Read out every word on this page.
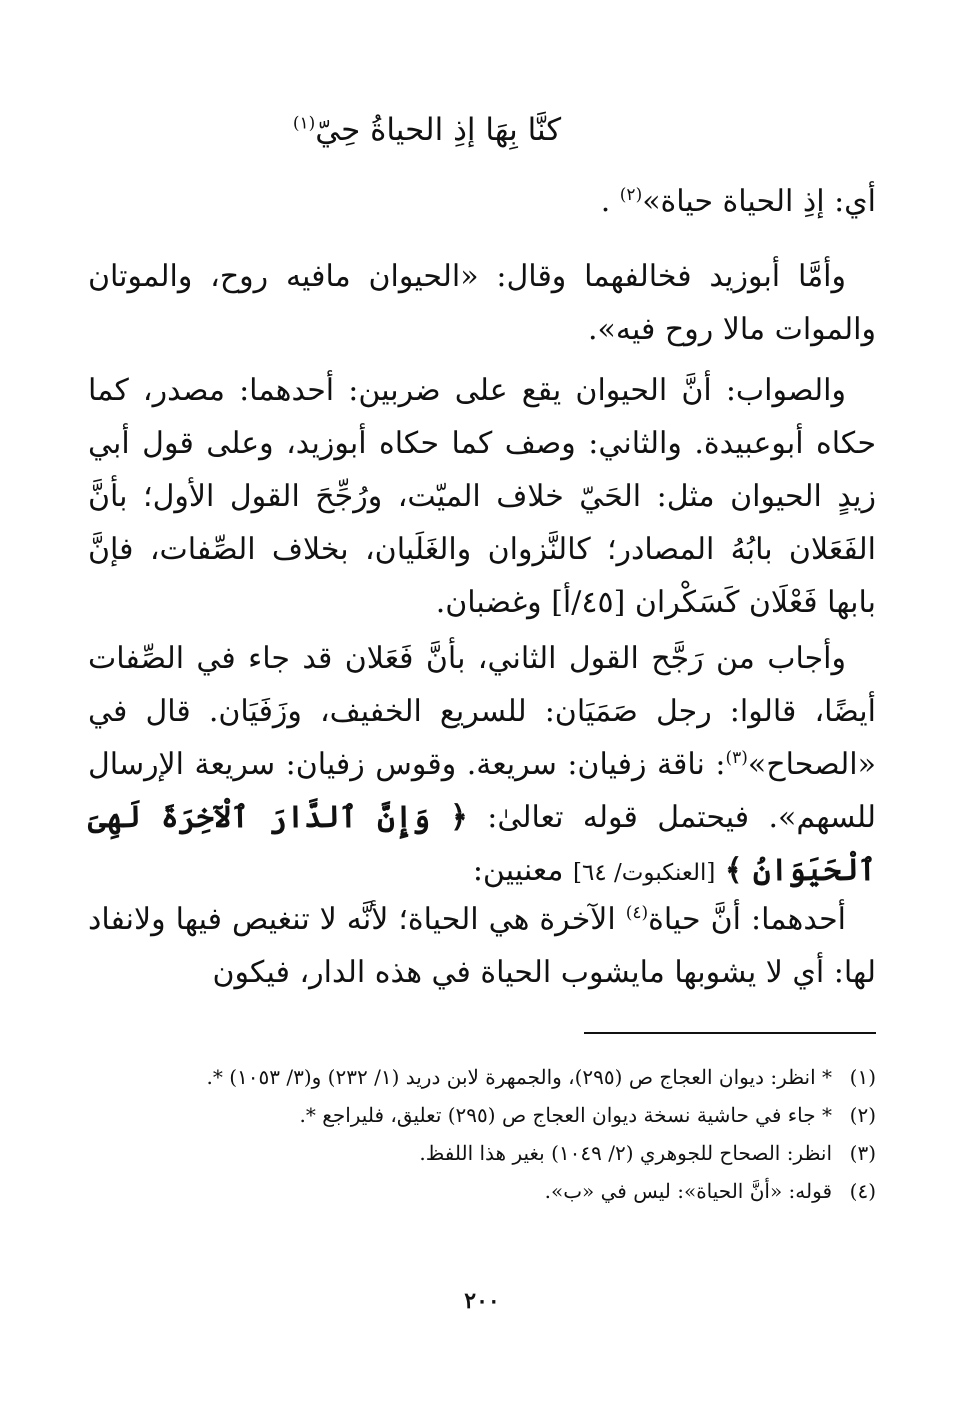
كنَّا بِهَا إذِ الحياةُ حِيّ$^{(١)}$
أي: إذِ الحياة حياة»$^{(٢)}$ .

وأمَّا أبوزيد فخالفهما وقال: «الحيوان مافيه روح، والموتان والموات مالا روح فيه».

والصواب: أنَّ الحيوان يقع على ضربين: أحدهما: مصدر، كما حكاه أبوعبيدة. والثاني: وصف كما حكاه أبوزيد، وعلى قول أبي زيدٍ الحيوان مثل: الحَيّ خلاف الميّت، ورُجِّحَ القول الأول؛ بأنَّ الفَعَلان بابُهُ المصادر؛ كالنَّزوان والغَلَيان، بخلاف الصِّفات، فإنَّ بابها فَعْلَان كَسَكْران [٤٥/أ] وغضبان.

وأجاب من رَجَّح القول الثاني، بأنَّ فَعَلان قد جاء في الصِّفات أيضًا، قالوا: رجل صَمَيَان: للسريع الخفيف، وزَفَيَان. قال في «الصحاح»$^{(٣)}$: ناقة زفيان: سريعة. وقوس زفيان: سريعة الإرسال للسهم». فيحتمل قوله تعالىٰ: ﴿ وَإِنَّ ٱلدَّارَ ٱلْآخِرَةَ لَهِىَ ٱلْحَيَوَانُ ﴾ [العنكبوت/ ٦٤] معنيين:

أحدهما: أنَّ حياة$^{(٤)}$ الآخرة هي الحياة؛ لأنَّه لا تنغيص فيها ولانفاد لها: أي لا يشوبها مايشوب الحياة في هذه الدار، فيكون

(١)
* انظر: ديوان العجاج ص (٢٩٥)، والجمهرة لابن دريد (١/ ٢٣٢) و(٣/ ١٠٥٣) *.
(٢)
* جاء في حاشية نسخة ديوان العجاج ص (٢٩٥) تعليق، فليراجع *.
(٣)
انظر: الصحاح للجوهري (٢/ ١٠٤٩) بغير هذا اللفظ.
(٤)
قوله: «أنَّ الحياة»: ليس في «ب».
٢٠٠
